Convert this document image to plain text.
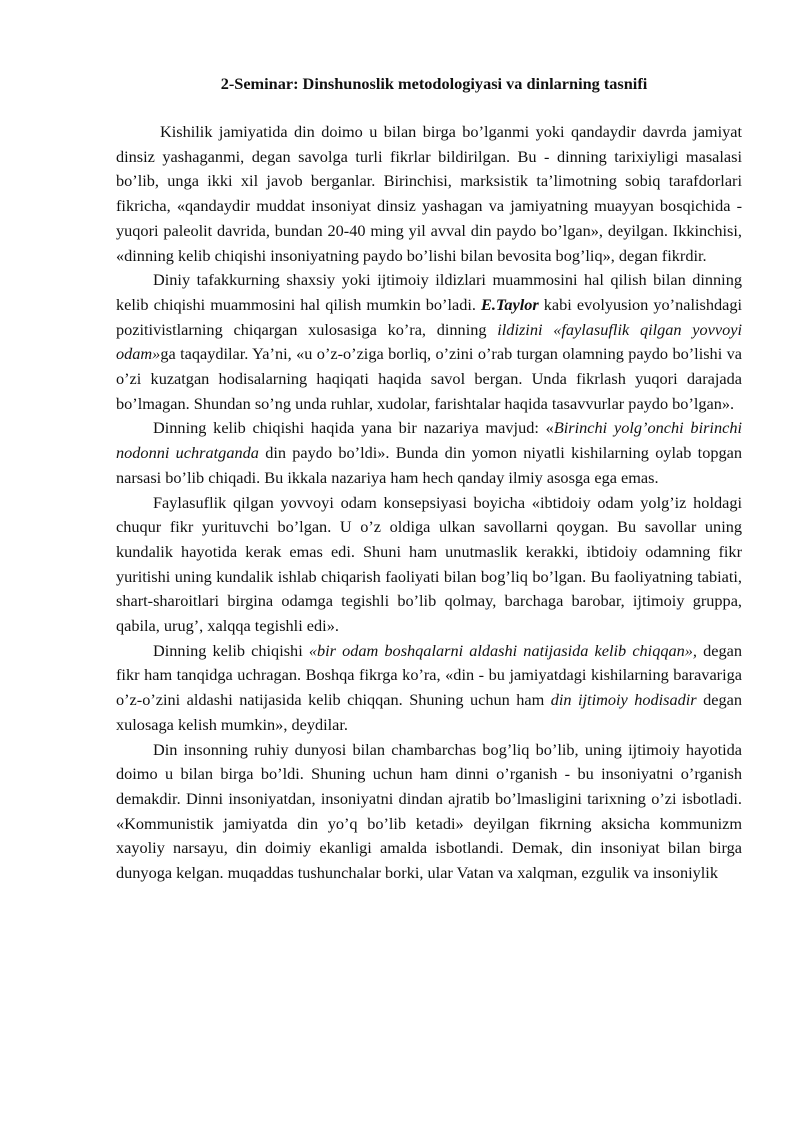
2-Seminar: Dinshunoslik metodologiyasi va dinlarning tasnifi

Kishilik jamiyatida din doimo u bilan birga bo’lganmi yoki qandaydir davrda jamiyat dinsiz yashaganmi, degan savolga turli fikrlar bildirilgan. Bu - dinning tarixiyligi masalasi bo’lib, unga ikki xil javob berganlar. Birinchisi, marksistik ta’limotning sobiq tarafdorlari fikricha, «qandaydir muddat insoniyat dinsiz yashagan va jamiyatning muayyan bosqichida - yuqori paleolit davrida, bundan 20-40 ming yil avval din paydo bo’lgan», deyilgan. Ikkinchisi, «dinning kelib chiqishi insoniyatning paydo bo’lishi bilan bevosita bog’liq», degan fikrdir.

Diniy tafakkurning shaxsiy yoki ijtimoiy ildizlari muammosini hal qilish bilan dinning kelib chiqishi muammosini hal qilish mumkin bo’ladi. E.Taylor kabi evolyusion yo’nalishdagi pozitivistlarning chiqargan xulosasiga ko’ra, dinning ildizini «faylasuflik qilgan yovvoyi odam»ga taqaydilar. Ya’ni, «u o’z-o’ziga borliq, o’zini o’rab turgan olamning paydo bo’lishi va o’zi kuzatgan hodisalarning haqiqati haqida savol bergan. Unda fikrlash yuqori darajada bo’lmagan. Shundan so’ng unda ruhlar, xudolar, farishtalar haqida tasavvurlar paydo bo’lgan».

Dinning kelib chiqishi haqida yana bir nazariya mavjud: «Birinchi yolg’onchi birinchi nodonni uchratganda din paydo bo’ldi». Bunda din yomon niyatli kishilarning oylab topgan narsasi bo’lib chiqadi. Bu ikkala nazariya ham hech qanday ilmiy asosga ega emas.

Faylasuflik qilgan yovvoyi odam konsepsiyasi boyicha «ibtidoiy odam yolg’iz holdagi chuqur fikr yurituvchi bo’lgan. U o’z oldiga ulkan savollarni qoygan. Bu savollar uning kundalik hayotida kerak emas edi. Shuni ham unutmaslik kerakki, ibtidoiy odamning fikr yuritishi uning kundalik ishlab chiqarish faoliyati bilan bog’liq bo’lgan. Bu faoliyatning tabiati, shart-sharoitlari birgina odamga tegishli bo’lib qolmay, barchaga barobar, ijtimoiy gruppa, qabila, urug’, xalqqa tegishli edi».

Dinning kelib chiqishi «bir odam boshqalarni aldashi natijasida kelib chiqqan», degan fikr ham tanqidga uchragan. Boshqa fikrga ko’ra, «din - bu jamiyatdagi kishilarning baravariga o’z-o’zini aldashi natijasida kelib chiqqan. Shuning uchun ham din ijtimoiy hodisadir degan xulosaga kelish mumkin», deydilar.

Din insonning ruhiy dunyosi bilan chambarchas bog’liq bo’lib, uning ijtimoiy hayotida doimo u bilan birga bo’ldi. Shuning uchun ham dinni o’rganish - bu insoniyatni o’rganish demakdir. Dinni insoniyatdan, insoniyatni dindan ajratib bo’lmasligini tarixning o’zi isbotladi. «Kommunistik jamiyatda din yo’q bo’lib ketadi» deyilgan fikrning aksicha kommunizm xayoliy narsayu, din doimiy ekanligi amalda isbotlandi. Demak, din insoniyat bilan birga dunyoga kelgan. muqaddas tushunchalar borki, ular Vatan va xalqman, ezgulik va insoniylik
